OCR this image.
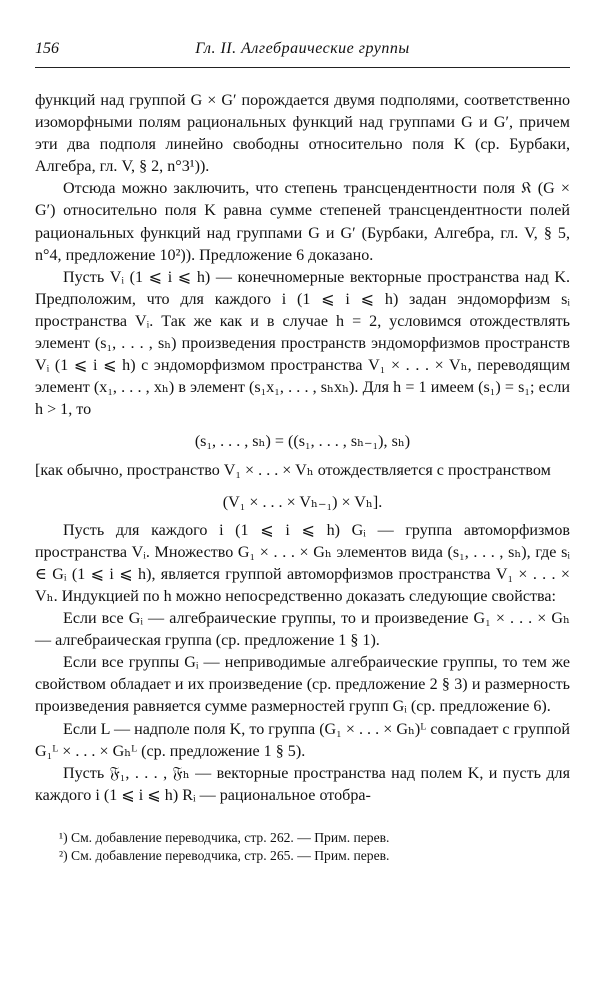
156	Гл. II. Алгебраические группы

функций над группой G × G′ порождается двумя подполями, соответственно изоморфными полям рациональных функций над группами G и G′, причем эти два подполя линейно свободны относительно поля K (ср. Бурбаки, Алгебра, гл. V, § 2, n°3¹)).

Отсюда можно заключить, что степень трансцендентности поля 𝔎 (G × G′) относительно поля K равна сумме степеней трансцендентности полей рациональных функций над группами G и G′ (Бурбаки, Алгебра, гл. V, § 5, n°4, предложение 10²)). Предложение 6 доказано.

Пусть Vᵢ (1 ⩽ i ⩽ h) — конечномерные векторные пространства над K. Предположим, что для каждого i (1 ⩽ i ⩽ h) задан эндоморфизм sᵢ пространства Vᵢ. Так же как и в случае h = 2, условимся отождествлять элемент (s₁, . . . , sₕ) произведения пространств эндоморфизмов пространств Vᵢ (1 ⩽ i ⩽ h) с эндоморфизмом пространства V₁ × . . . × Vₕ, переводящим элемент (x₁, . . . , xₕ) в элемент (s₁x₁, . . . , sₕxₕ). Для h = 1 имеем (s₁) = s₁; если h > 1, то

(s₁, . . . , sₕ) = ((s₁, . . . , sₕ₋₁), sₕ)

[как обычно, пространство V₁ × . . . × Vₕ отождествляется с пространством

(V₁ × . . . × Vₕ₋₁) × Vₕ].

Пусть для каждого i (1 ⩽ i ⩽ h) Gᵢ — группа автоморфизмов пространства Vᵢ. Множество G₁ × . . . × Gₕ элементов вида (s₁, . . . , sₕ), где sᵢ ∈ Gᵢ (1 ⩽ i ⩽ h), является группой автоморфизмов пространства V₁ × . . . × Vₕ. Индукцией по h можно непосредственно доказать следующие свойства:

Если все Gᵢ — алгебраические группы, то и произведение G₁ × . . . × Gₕ — алгебраическая группа (ср. предложение 1 § 1).

Если все группы Gᵢ — неприводимые алгебраические группы, то тем же свойством обладает и их произведение (ср. предложение 2 § 3) и размерность произведения равняется сумме размерностей групп Gᵢ (ср. предложение 6).

Если L — надполе поля K, то группа (G₁ × . . . × Gₕ)ᴸ совпадает с группой G₁ᴸ × . . . × Gₕᴸ (ср. предложение 1 § 5).

Пусть 𝔉₁, . . . , 𝔉ₕ — векторные пространства над полем K, и пусть для каждого i (1 ⩽ i ⩽ h) Rᵢ — рациональное отобра-

¹) См. добавление переводчика, стр. 262. — Прим. перев.
²) См. добавление переводчика, стр. 265. — Прим. перев.
